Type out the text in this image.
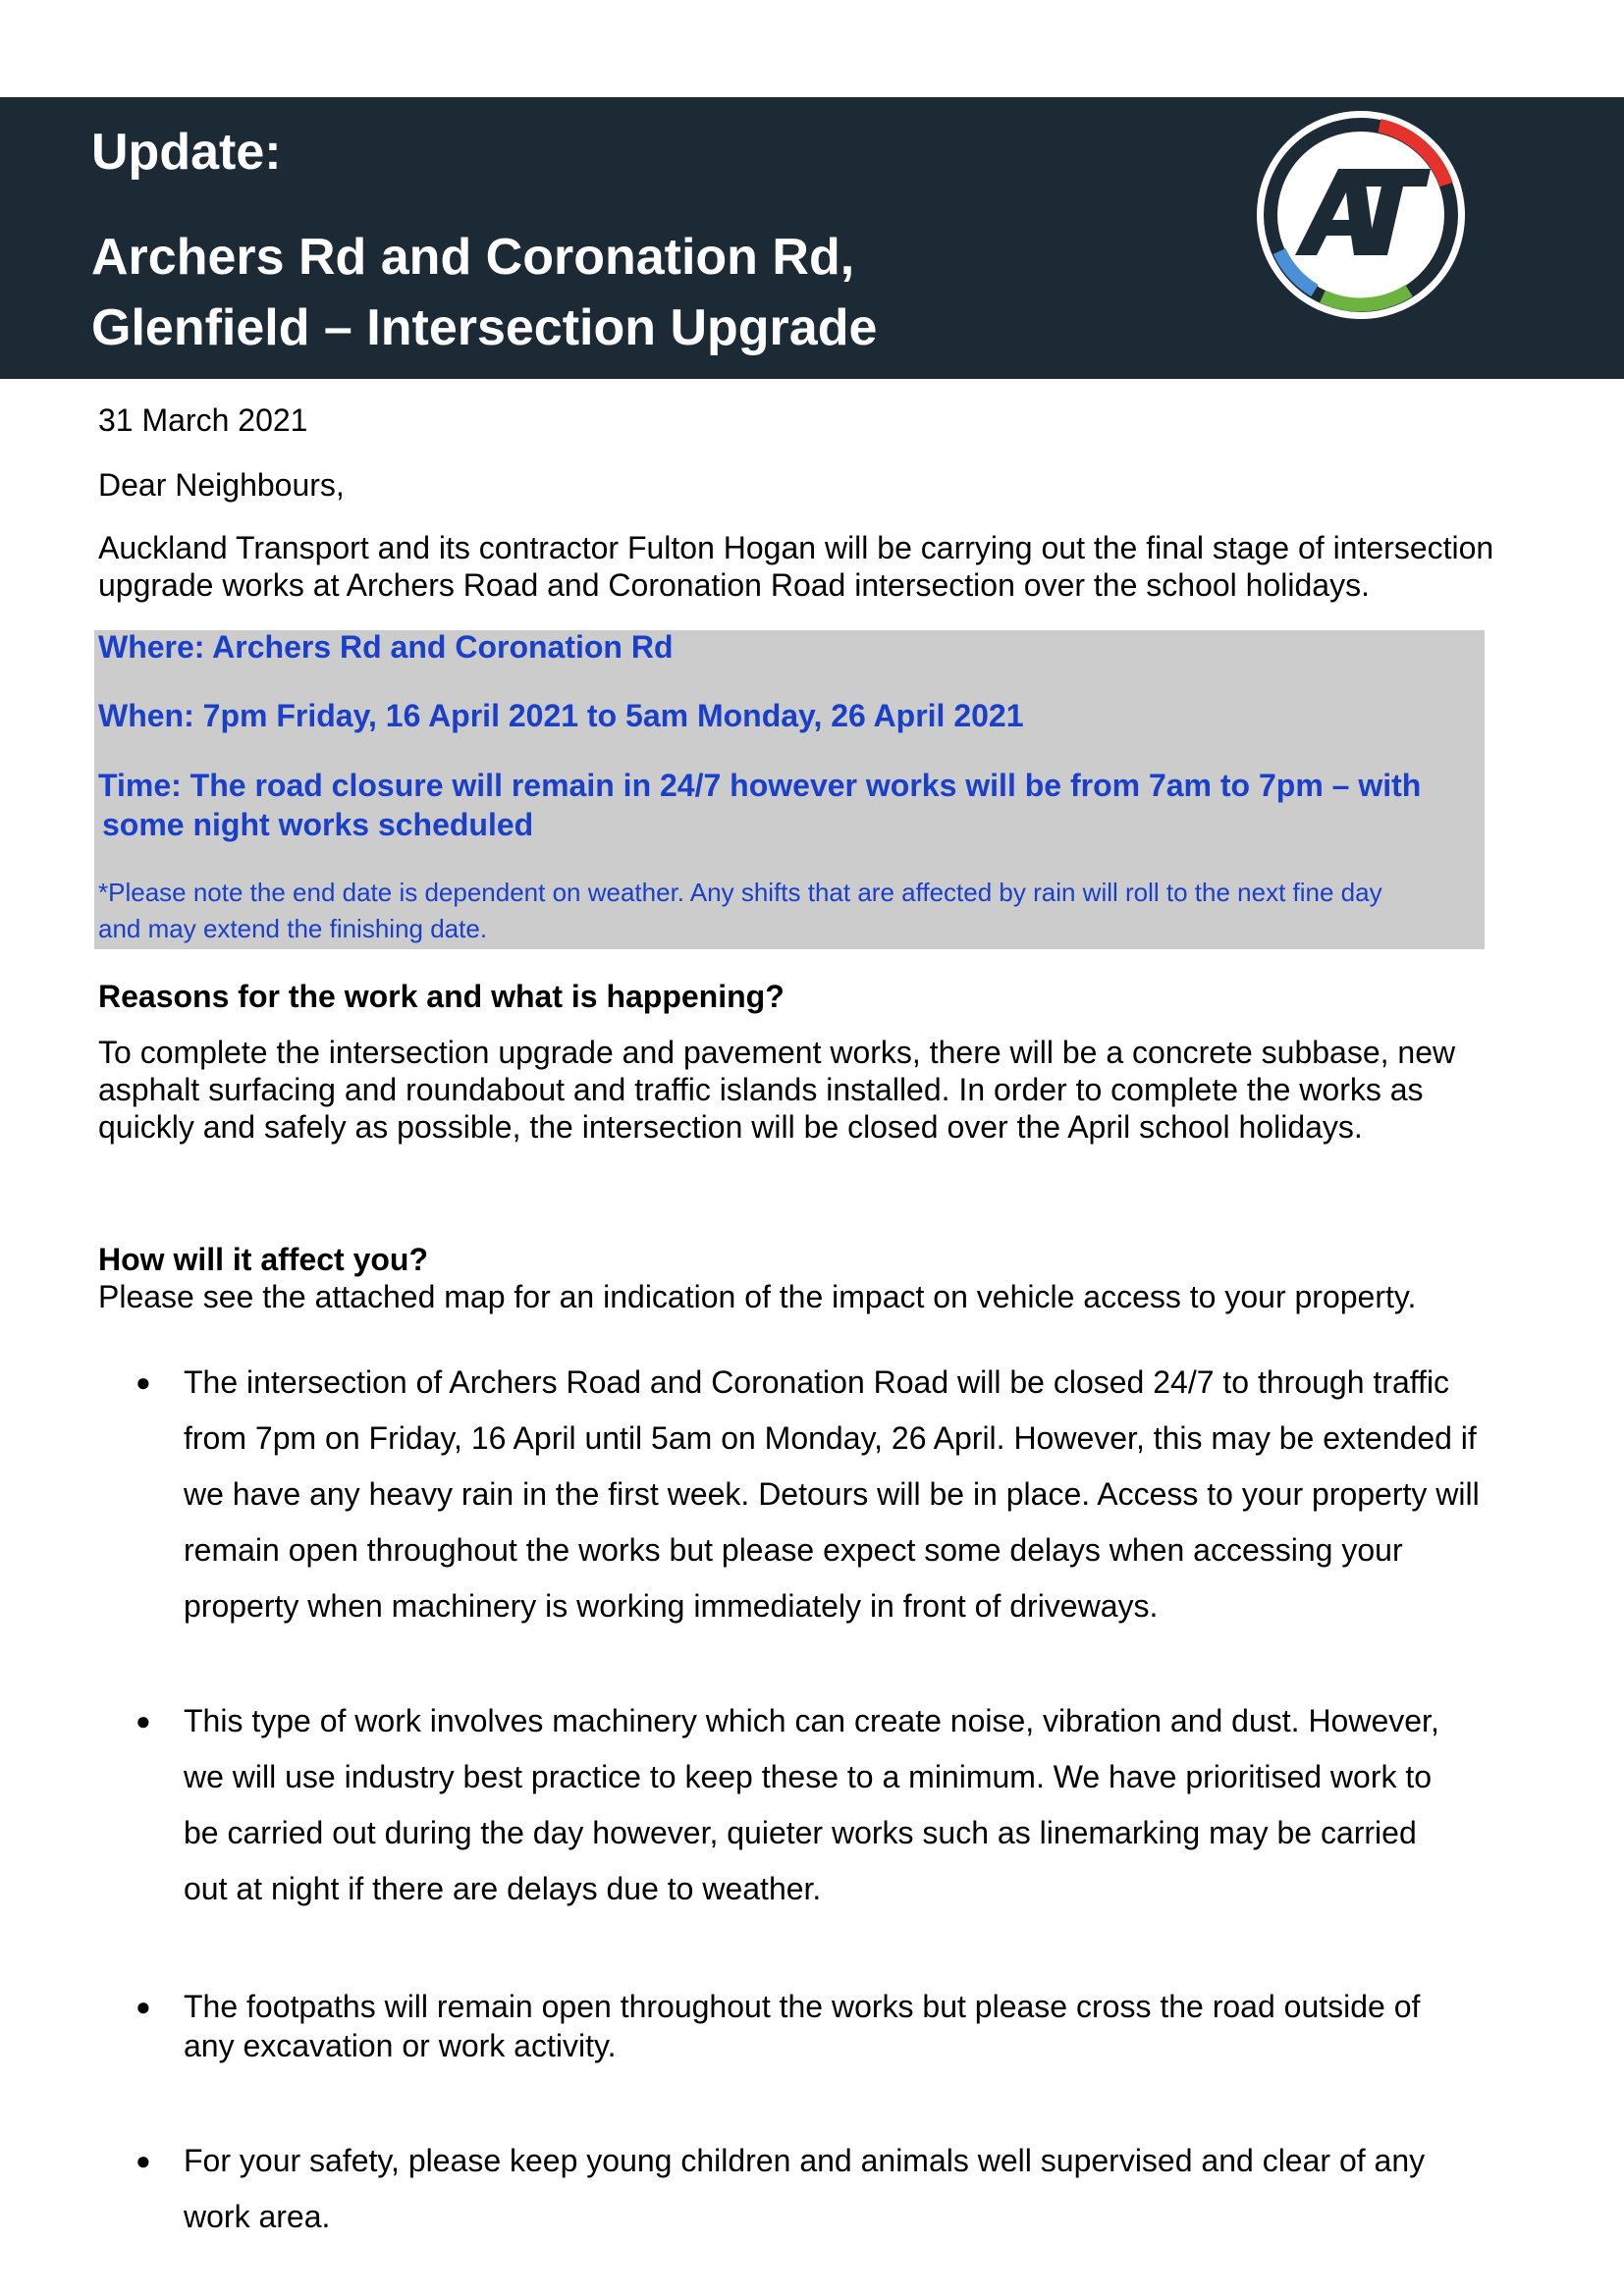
Update:
Archers Rd and Coronation Rd,
Glenfield – Intersection Upgrade
31 March 2021
Dear Neighbours,
Auckland Transport and its contractor Fulton Hogan will be carrying out the final stage of intersection
upgrade works at Archers Road and Coronation Road intersection over the school holidays.
Where: Archers Rd and Coronation Rd
When: 7pm Friday, 16 April 2021 to 5am Monday, 26 April 2021
Time: The road closure will remain in 24/7 however works will be from 7am to 7pm – with
some night works scheduled
*Please note the end date is dependent on weather. Any shifts that are affected by rain will roll to the next fine day
and may extend the finishing date.
Reasons for the work and what is happening?
To complete the intersection upgrade and pavement works, there will be a concrete subbase, new
asphalt surfacing and roundabout and traffic islands installed. In order to complete the works as
quickly and safely as possible, the intersection will be closed over the April school holidays.
How will it affect you?
Please see the attached map for an indication of the impact on vehicle access to your property.
● The intersection of Archers Road and Coronation Road will be closed 24/7 to through traffic
from 7pm on Friday, 16 April until 5am on Monday, 26 April. However, this may be extended if
we have any heavy rain in the first week. Detours will be in place. Access to your property will
remain open throughout the works but please expect some delays when accessing your
property when machinery is working immediately in front of driveways.
● This type of work involves machinery which can create noise, vibration and dust. However,
we will use industry best practice to keep these to a minimum. We have prioritised work to
be carried out during the day however, quieter works such as linemarking may be carried
out at night if there are delays due to weather.
● The footpaths will remain open throughout the works but please cross the road outside of
any excavation or work activity.
● For your safety, please keep young children and animals well supervised and clear of any
work area.
